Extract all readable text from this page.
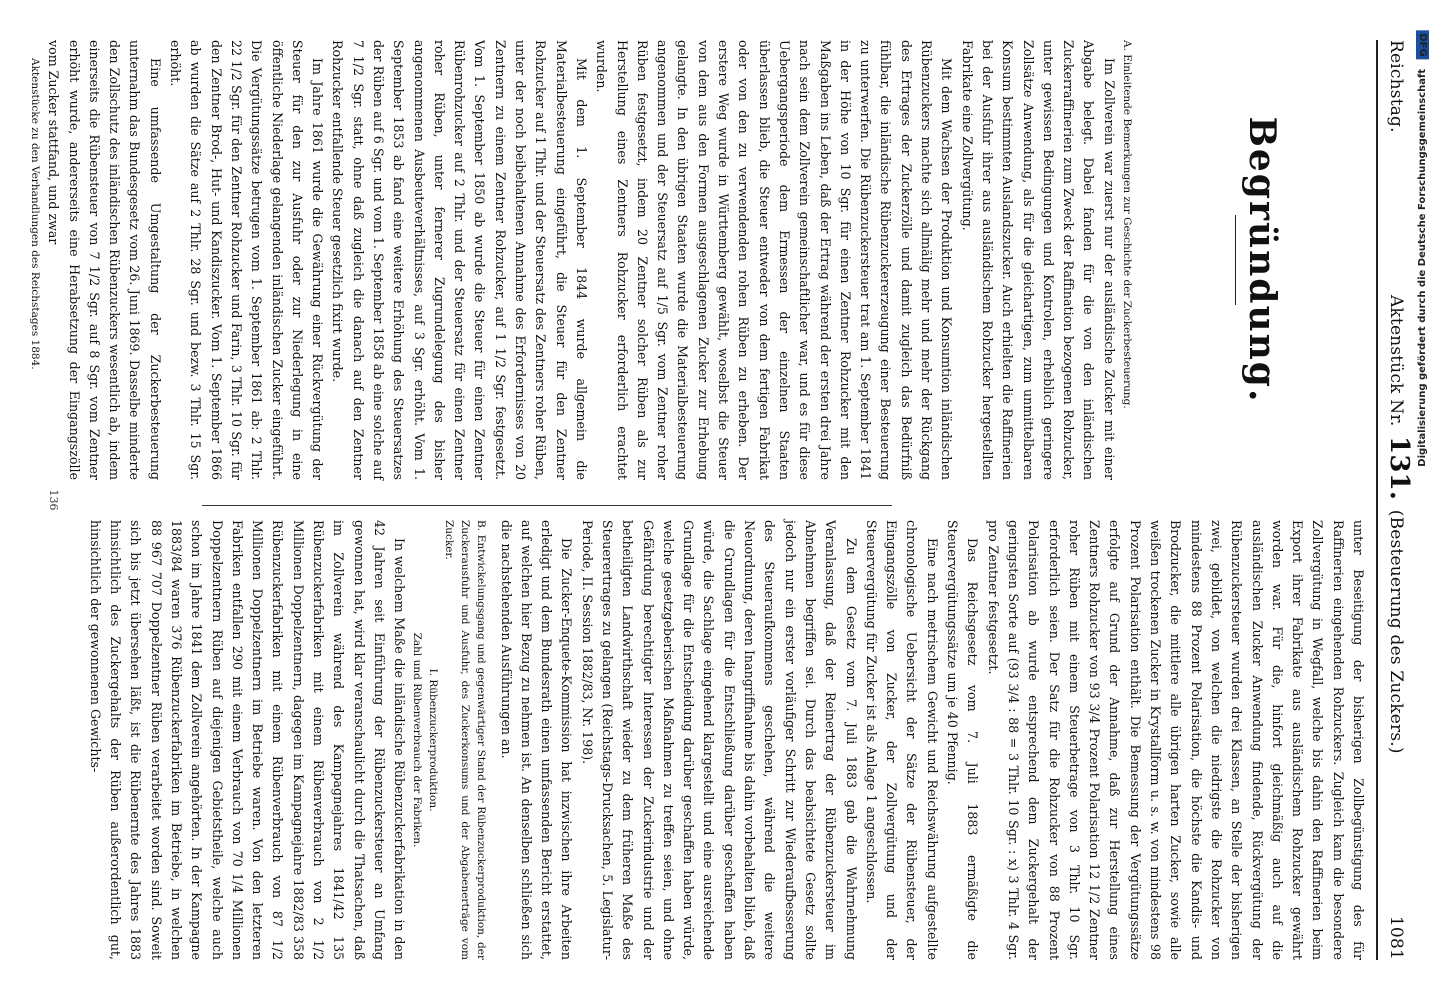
Reichstag.
Aktenstück Nr. 131. (Besteuerung des Zuckers.)
1081
Begründung.

A. Einleitende Bemerkungen zur Geschichte der Zuckerbesteuerung.

Im Zollverein war zuerst nur der ausländische Zucker mit einer Abgabe belegt. Dabei fanden für die von den inländischen Zuckerraffinerien zum Zweck der Raffination bezogenen Rohzucker, unter gewissen Bedingungen und Kontrolen, erheblich geringere Zollsätze Anwendung, als für die gleichartigen, zum unmittelbaren Konsum bestimmten Auslandszucker. Auch erhielten die Raffinerien bei der Ausfuhr ihrer aus ausländischem Rohzucker hergestellten Fabrikate eine Zollvergütung.

Mit dem Wachsen der Produktion und Konsumtion inländischen Rübenzuckers machte sich allmälig mehr und mehr der Rückgang des Ertrages der Zuckerzölle und damit zugleich das Bedürfniß fühlbar, die inländische Rübenzuckererzeugung einer Besteuerung zu unterwerfen. Die Rübenzuckersteuer trat am 1. September 1841 in der Höhe von 10 Sgr. für einen Zentner Rohzucker mit den Maßgaben ins Leben, daß der Ertrag während der ersten drei Jahre nach sein dem Zollverein gemeinschaftlicher war, und es für diese Uebergangsperiode dem Ermessen der einzelnen Staaten überlassen blieb, die Steuer entweder von dem fertigen Fabrikat oder von den zu verwendenden rohen Rüben zu erheben. Der erstere Weg wurde in Württemberg gewählt, woselbst die Steuer von dem aus den Formen ausgeschlagenen Zucker zur Erhebung gelangte. In den übrigen Staaten wurde die Materialbesteuerung angenommen und der Steuersatz auf 1/5 Sgr. vom Zentner roher Rüben festgesetzt, indem 20 Zentner solcher Rüben als zur Herstellung eines Zentners Rohzucker erforderlich erachtet wurden.

Mit dem 1. September 1844 wurde allgemein die Materialbesteuerung eingeführt, die Steuer für den Zentner Rohzucker auf 1 Thlr. und der Steuersatz des Zentners roher Rüben, unter der noch beibehaltenen Annahme des Erfordernisses von 20 Zentnern zu einem Zentner Rohzucker, auf 1 1/2 Sgr. festgesetzt. Vom 1. September 1850 ab wurde die Steuer für einen Zentner Rübenrohzucker auf 2 Thlr. und der Steuersatz für einen Zentner roher Rüben, unter fernerer Zugrundelegung des bisher angenommenen Ausbeuteverhältnisses, auf 3 Sgr. erhöht. Vom 1. September 1853 ab fand eine weitere Erhöhung des Steuersatzes der Rüben auf 6 Sgr. und vom 1. September 1858 ab eine solche auf 7 1/2 Sgr. statt, ohne daß zugleich die danach auf den Zentner Rohzucker entfallende Steuer gesetzlich fixirt wurde.

Im Jahre 1861 wurde die Gewährung einer Rückvergütung der Steuer für den zur Ausfuhr oder zur Niederlegung in eine öffentliche Niederlage gelangenden inländischen Zucker eingeführt. Die Vergütungssätze betrugen vom 1. September 1861 ab: 2 Thlr. 22 1/2 Sgr. für den Zentner Rohzucker und Farin, 3 Thlr. 10 Sgr. für den Zentner Brod-, Hut- und Kandiszucker. Vom 1. September 1866 ab wurden die Sätze auf 2 Thlr. 28 Sgr. und bezw. 3 Thlr. 15 Sgr. erhöht.

Eine umfassende Umgestaltung der Zuckerbesteuerung unternahm das Bundesgesetz vom 26. Juni 1869. Dasselbe minderte den Zollschutz des inländischen Rübenzuckers wesentlich ab, indem einerseits die Rübensteuer von 7 1/2 Sgr. auf 8 Sgr. vom Zentner erhöht wurde, andererseits eine Herabsetzung der Eingangszölle vom Zucker stattfand, und zwar

Aktenstücke zu den Verhandlungen des Reichstages 1884.

unter Beseitigung der bisherigen Zollbegünstigung des für Raffinerien eingehenden Rohzuckers. Zugleich kam die besondere Zollvergütung in Wegfall, welche bis dahin den Raffinerien beim Export ihrer Fabrikate aus ausländischem Rohzucker gewährt worden war. Für die, hinfort gleichmäßig auch auf die ausländischen Zucker Anwendung findende, Rückvergütung der Rübenzuckersteuer wurden drei Klassen, an Stelle der bisherigen zwei, gebildet, von welchen die niedrigste die Rohzucker von mindestens 88 Prozent Polarisation, die höchste die Kandis- und Brodzucker, die mittlere alle übrigen harten Zucker, sowie alle weißen trockenen Zucker in Krystallform u. s. w. von mindestens 98 Prozent Polarisation enthält. Die Bemessung der Vergütungssätze erfolgte auf Grund der Annahme, daß zur Herstellung eines Zentners Rohzucker von 93 3/4 Prozent Polarisation 12 1/2 Zentner roher Rüben mit einem Steuerbetrage von 3 Thlr. 10 Sgr. erforderlich seien. Der Satz für die Rohzucker von 88 Prozent Polarisation ab wurde entsprechend dem Zuckergehalt der geringsten Sorte auf (93 3/4 : 88 = 3 Thlr. 10 Sgr. : x) 3 Thlr. 4 Sgr. pro Zentner festgesetzt.

Das Reichsgesetz vom 7. Juli 1883 ermäßigte die Steuervergütungssätze um je 40 Pfennig.

Eine nach metrischem Gewicht und Reichswährung aufgestellte chronologische Uebersicht der Sätze der Rübensteuer, der Eingangszölle von Zucker, der Zollvergütung und der Steuervergütung für Zucker ist als Anlage 1 angeschlossen.

Zu dem Gesetz vom 7. Juli 1883 gab die Wahrnehmung Veranlassung, daß der Reinertrag der Rübenzuckersteuer im Abnehmen begriffen sei. Durch das beabsichtete Gesetz sollte jedoch nur ein erster vorläufiger Schritt zur Wiederaufbesserung des Steueraufkommens geschehen, während die weitere Neuordnung, deren Inangriffnahme bis dahin vorbehalten blieb, daß die Grundlagen für die Entschließung darüber geschaffen haben würde, die Sachlage eingehend klargestellt und eine ausreichende Grundlage für die Entscheidung darüber geschaffen haben würde, welche gesetzgeberischen Maßnahmen zu treffen seien, und ohne Gefährdung berechtigter Interessen der Zuckerindustrie und der betheiligten Landwirthschaft wieder zu dem früheren Maße des Steuerertrages zu gelangen (Reichstags-Drucksachen, 5. Legislatur-Periode, II. Session 1882/83, Nr. 198).

Die Zucker-Enquete-Kommission hat inzwischen ihre Arbeiten erledigt und dem Bundesrath einen umfassenden Bericht erstattet, auf welchen hier Bezug zu nehmen ist. An denselben schließen sich die nachstehenden Ausführungen an.

B. Entwickelungsgang und gegenwärtiger Stand der Rübenzuckerproduktion, der Zuckerausfuhr und Ausfuhr, des Zuckerkonsums und der Abgabenerträge vom Zucker.

I. Rübenzuckerproduktion.

Zahl und Rübenverbrauch der Fabriken.

In welchem Maße die inländische Rübenzuckerfabrikation in den 42 Jahren seit Einführung der Rübenzuckersteuer an Umfang gewonnen hat, wird klar veranschaulicht durch die Thatsachen, daß im Zollverein während des Kampagnejahres 1841/42 135 Rübenzuckerfabriken mit einem Rübenverbrauch von 2 1/2 Millionen Doppelzentnern, dagegen im Kampagnejahre 1882/83 358 Rübenzuckerfabriken mit einem Rübenverbrauch von 87 1/2 Millionen Doppelzentnern im Betriebe waren. Von den letzteren Fabriken entfallen 290 mit einem Verbrauch von 70 1/4 Millionen Doppelzentnern Rüben auf diejenigen Gebietstheile, welche auch schon im Jahre 1841 dem Zollverein angehörten. In der Kampagne 1883/84 waren 376 Rübenzuckerfabriken im Betriebe, in welchen 88 967 707 Doppelzentner Rüben verarbeitet worden sind. Soweit sich bis jetzt übersehen läßt, ist die Rübenernte des Jahres 1883 hinsichtlich des Zuckergehalts der Rüben außerordentlich gut, hinsichtlich der gewonnenen Gewichts-

136
Digitalisierung gefördert durch die Deutsche Forschungsgemeinschaft DFG
